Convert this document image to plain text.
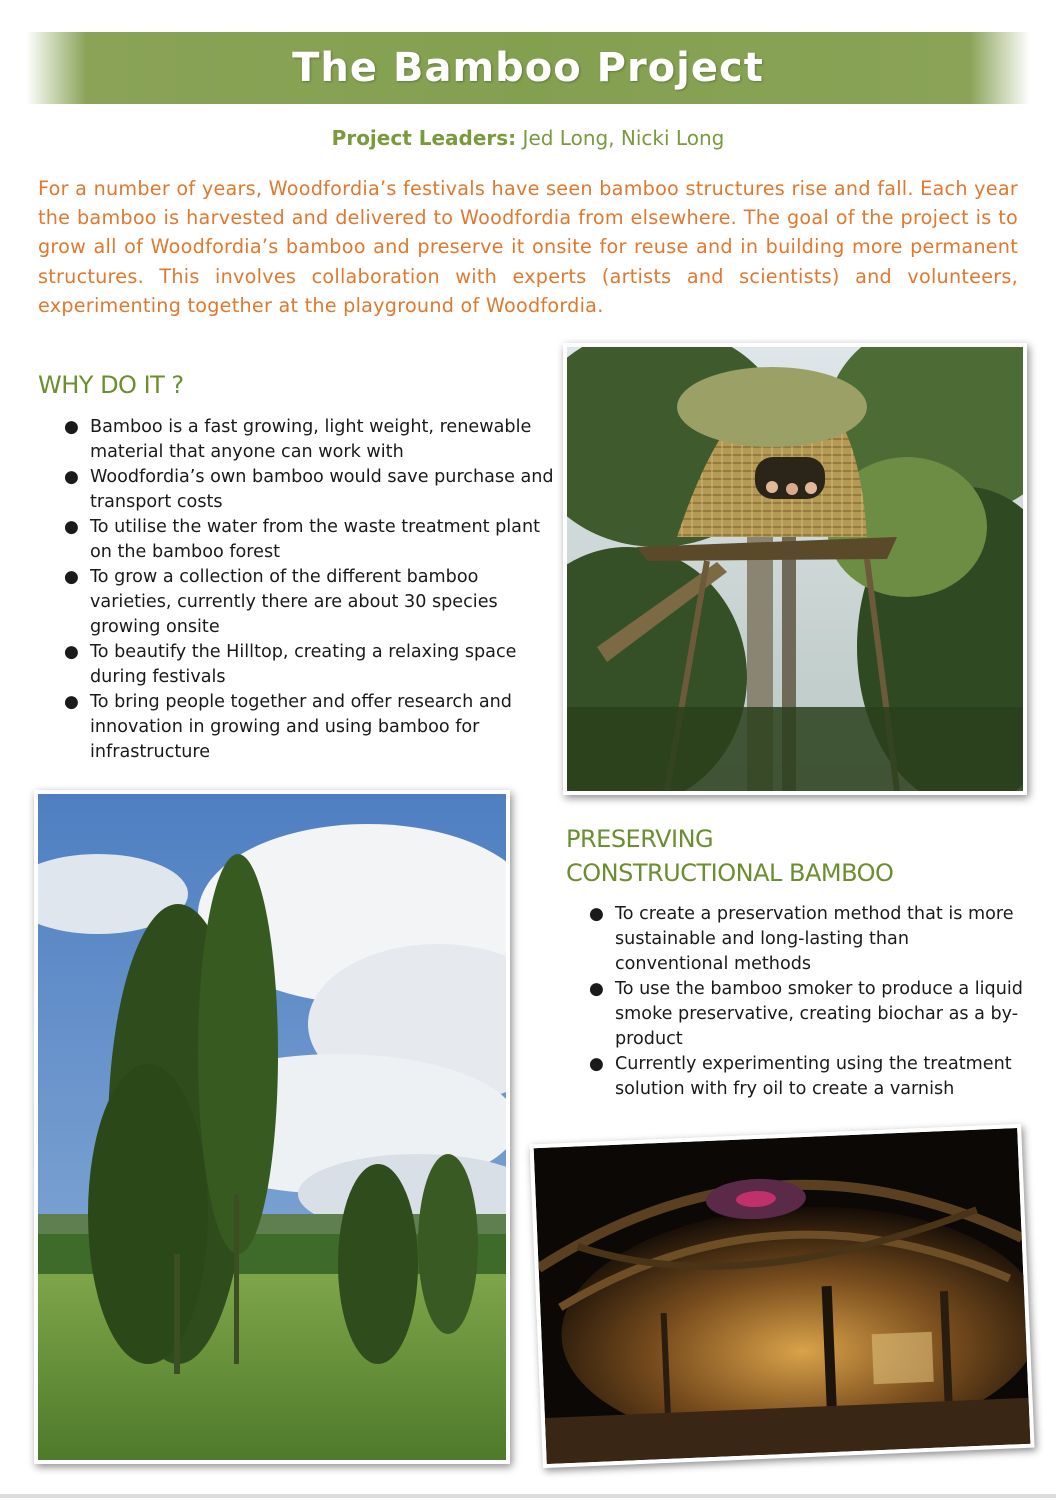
The Bamboo Project
Project Leaders: Jed Long, Nicki Long
For a number of years, Woodfordia’s festivals have seen bamboo structures rise and fall. Each year the bamboo is harvested and delivered to Woodfordia from elsewhere. The goal of the project is to grow all of Woodfordia’s bamboo and preserve it onsite for reuse and in building more permanent structures. This involves collaboration with experts (artists and scientists) and volunteers, experimenting together at the playground of Woodfordia.
WHY DO IT ?
● Bamboo is a fast growing, light weight, renewable material that anyone can work with
● Woodfordia’s own bamboo would save purchase and transport costs
● To utilise the water from the waste treatment plant on the bamboo forest
● To grow a collection of the different bamboo varieties, currently there are about 30 species growing onsite
● To beautify the Hilltop, creating a relaxing space during festivals
● To bring people together and offer research and innovation in growing and using bamboo for infrastructure
PRESERVING
CONSTRUCTIONAL BAMBOO
● To create a preservation method that is more sustainable and long-lasting than conventional methods
● To use the bamboo smoker to produce a liquid smoke preservative, creating biochar as a by-product
● Currently experimenting using the treatment solution with fry oil to create a varnish
